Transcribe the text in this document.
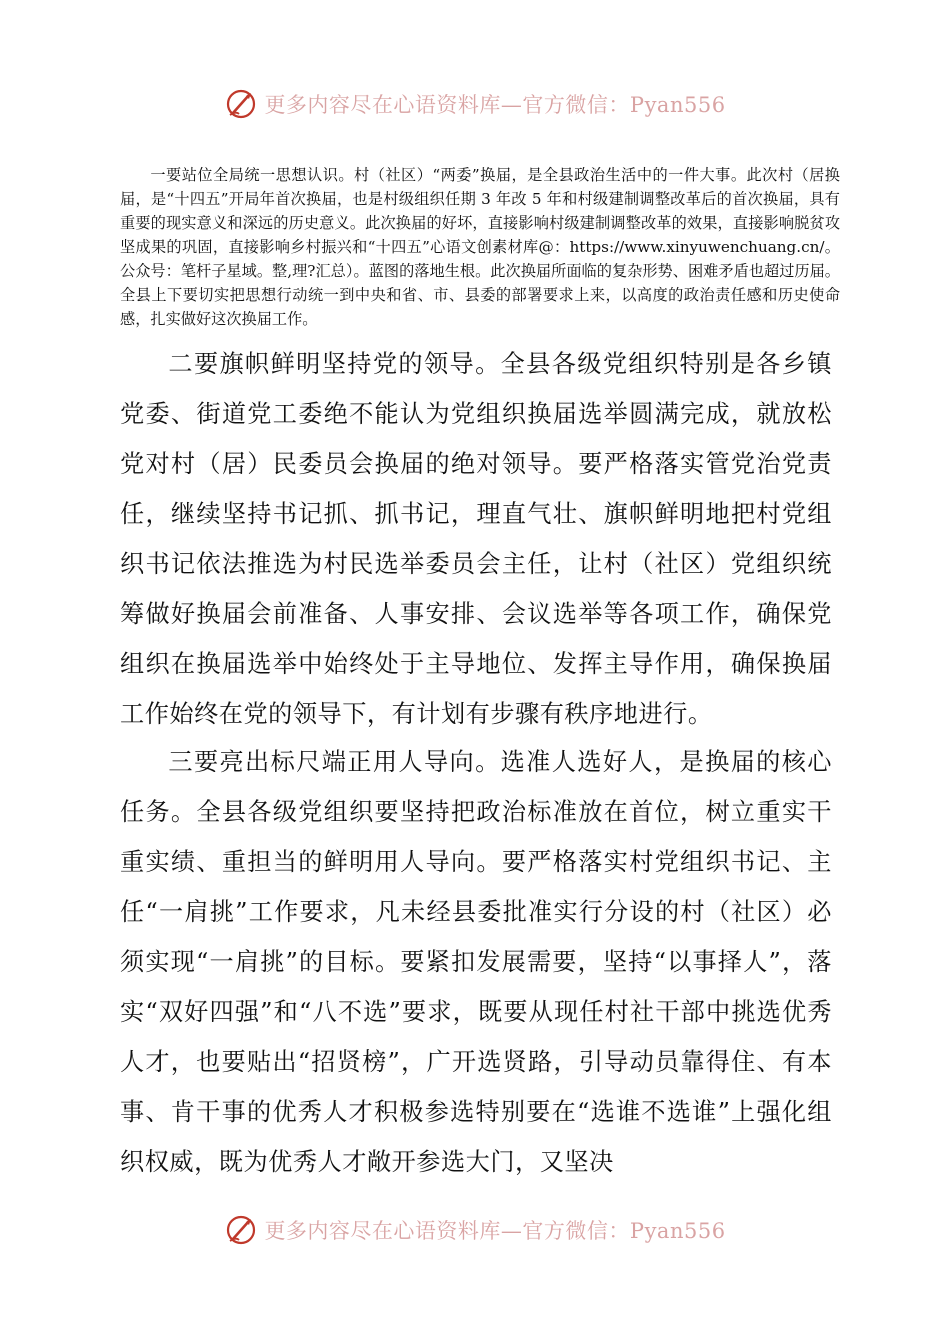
更多内容尽在心语资料库—官方微信：Pyan556

一要站位全局统一思想认识。村（社区）“两委”换届，是全县政治生活中的一件大事。此次村（居换届，是“十四五”开局年首次换届，也是村级组织任期 3 年改 5 年和村级建制调整改革后的首次换届，具有重要的现实意义和深远的历史意义。此次换届的好坏，直接影响村级建制调整改革的效果，直接影响脱贫攻坚成果的巩固，直接影响乡村振兴和“十四五”心语文创素材库@：https://www.xinyuwenchuang.cn/。公众号：笔杆子星域。整,理?汇总）。蓝图的落地生根。此次换届所面临的复杂形势、困难矛盾也超过历届。全县上下要切实把思想行动统一到中央和省、市、县委的部署要求上来，以高度的政治责任感和历史使命感，扎实做好这次换届工作。

二要旗帜鲜明坚持党的领导。全县各级党组织特别是各乡镇党委、街道党工委绝不能认为党组织换届选举圆满完成，就放松党对村（居）民委员会换届的绝对领导。要严格落实管党治党责任，继续坚持书记抓、抓书记，理直气壮、旗帜鲜明地把村党组织书记依法推选为村民选举委员会主任，让村（社区）党组织统筹做好换届会前准备、人事安排、会议选举等各项工作，确保党组织在换届选举中始终处于主导地位、发挥主导作用，确保换届工作始终在党的领导下，有计划有步骤有秩序地进行。

三要亮出标尺端正用人导向。选准人选好人，是换届的核心任务。全县各级党组织要坚持把政治标准放在首位，树立重实干重实绩、重担当的鲜明用人导向。要严格落实村党组织书记、主任“一肩挑”工作要求，凡未经县委批准实行分设的村（社区）必须实现“一肩挑”的目标。要紧扣发展需要，坚持“以事择人”，落实“双好四强”和“八不选”要求，既要从现任村社干部中挑选优秀人才，也要贴出“招贤榜”，广开选贤路，引导动员靠得住、有本事、肯干事的优秀人才积极参选特别要在“选谁不选谁”上强化组织权威，既为优秀人才敞开参选大门，又坚决

更多内容尽在心语资料库—官方微信：Pyan556
